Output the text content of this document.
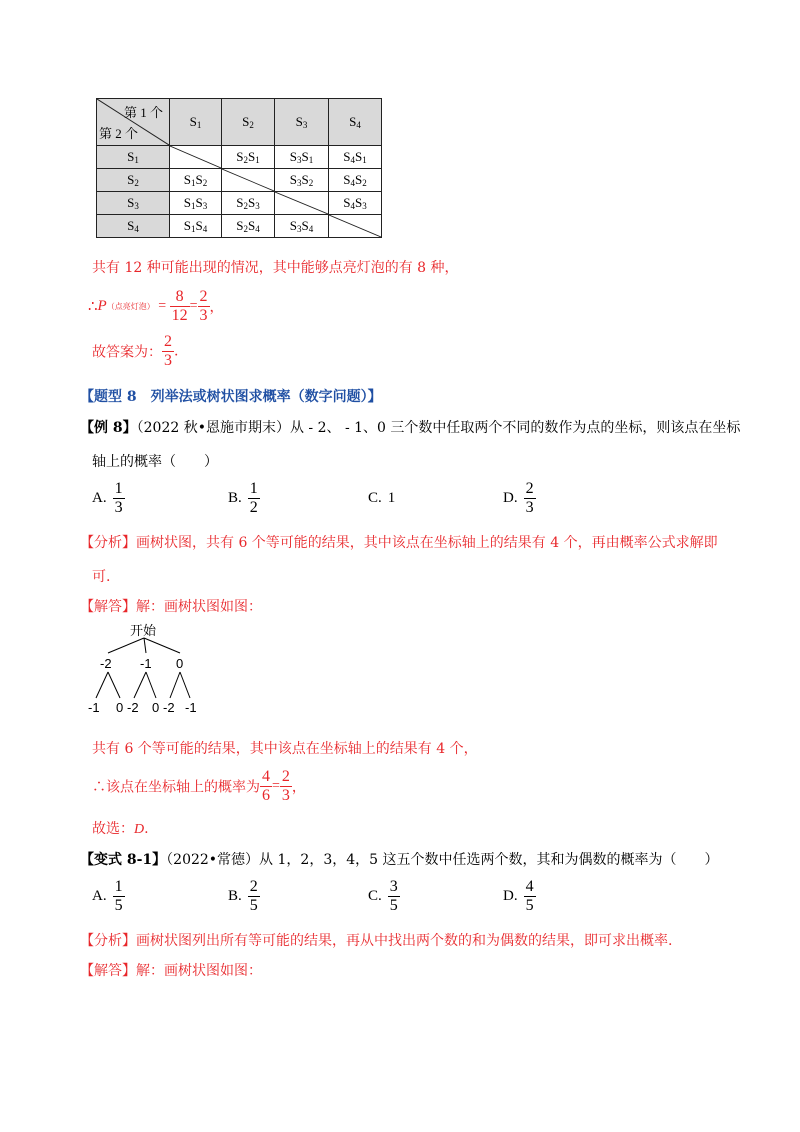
第 1 个
第 2 个	$S_1$	$S_2$	$S_3$	$S_4$
$S_1$		$S_2S_1$	$S_3S_1$	$S_4S_1$
$S_2$	$S_1S_2$		$S_3S_2$	$S_4S_2$
$S_3$	$S_1S_3$	$S_2S_3$		$S_4S_3$
$S_4$	$S_1S_4$	$S_2S_4$	$S_3S_4$	
共有 12 种可能出现的情况，其中能够点亮灯泡的有 8 种，
∴P（点亮灯泡） = $\frac{8}{12} = \frac{2}{3}$ ，
故答案为： $\frac{2}{3}$ .
【题型 8　列举法或树状图求概率（数字问题）】
【例 8】（2022 秋•恩施市期末）从 - 2、 - 1、0 三个数中任取两个不同的数作为点的坐标，则该点在坐标
轴上的概率（　　）
A. $\frac{1}{3}$	B. $\frac{1}{2}$	C. 1	D. $\frac{2}{3}$
【分析】画树状图，共有 6 个等可能的结果，其中该点在坐标轴上的结果有 4 个，再由概率公式求解即
可.
【解答】解：画树状图如图：
开始
-2 -1 0
-1 0 -2 0 -2 -1
共有 6 个等可能的结果，其中该点在坐标轴上的结果有 4 个，
∴该点在坐标轴上的概率为 $\frac{4}{6} = \frac{2}{3}$ ，
故选：D.
【变式 8-1】（2022•常德）从 1，2，3，4，5 这五个数中任选两个数，其和为偶数的概率为（　　）
A. $\frac{1}{5}$	B. $\frac{2}{5}$	C. $\frac{3}{5}$	D. $\frac{4}{5}$
【分析】画树状图列出所有等可能的结果，再从中找出两个数的和为偶数的结果，即可求出概率.
【解答】解：画树状图如图：
